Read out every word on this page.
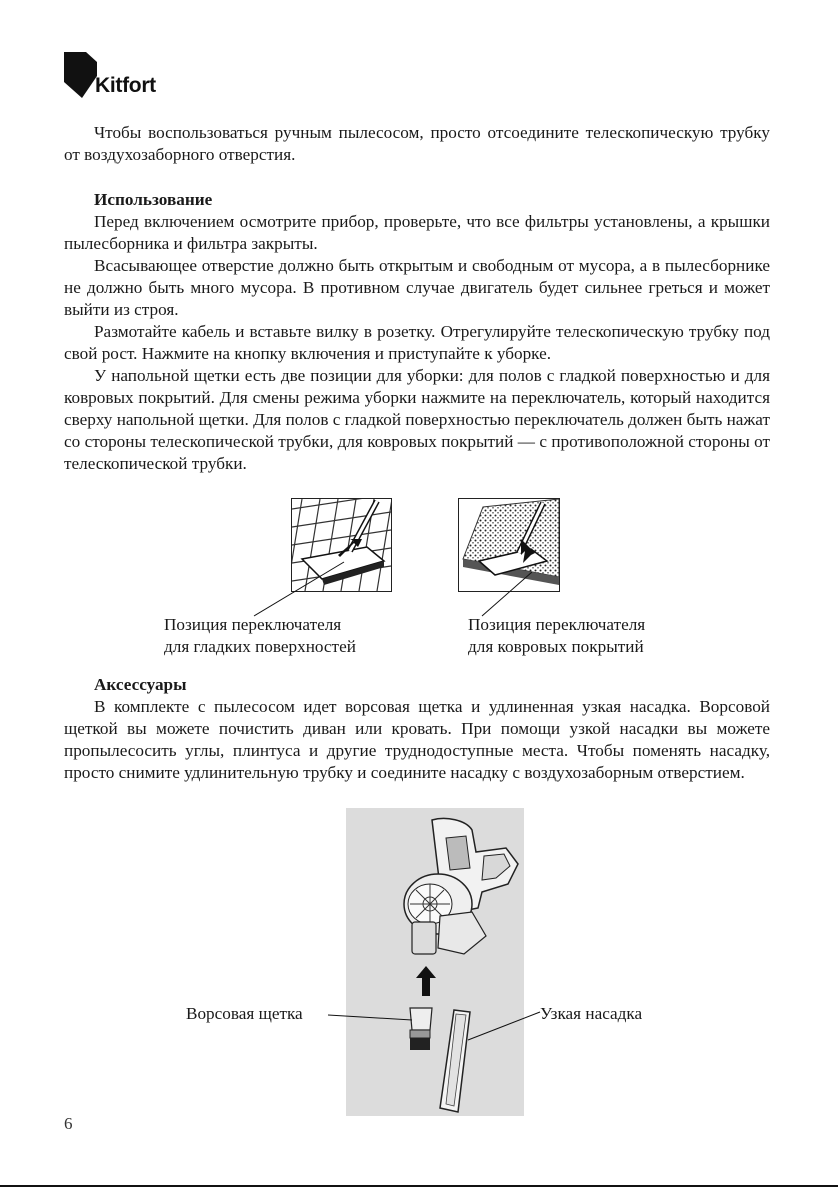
Kitfort

Чтобы воспользоваться ручным пылесосом, просто отсоедините телескопическую трубку от воздухозаборного отверстия.

Использование

Перед включением осмотрите прибор, проверьте, что все фильтры установлены, а крышки пылесборника и фильтра закрыты.

Всасывающее отверстие должно быть открытым и свободным от мусора, а в пылесборнике не должно быть много мусора. В противном случае двигатель будет сильнее греться и может выйти из строя.

Размотайте кабель и вставьте вилку в розетку. Отрегулируйте телескопическую трубку под свой рост. Нажмите на кнопку включения и приступайте к уборке.

У напольной щетки есть две позиции для уборки: для полов с гладкой поверхностью и для ковровых покрытий. Для смены режима уборки нажмите на переключатель, который находится сверху напольной щетки. Для полов с гладкой поверхностью переключатель должен быть нажат со стороны телескопической трубки, для ковровых покрытий — с противоположной стороны от телескопической трубки.

Позиция переключателя
для гладких поверхностей
Позиция переключателя
для ковровых покрытий
Аксессуары

В комплекте с пылесосом идет ворсовая щетка и удлиненная узкая насадка. Ворсовой щеткой вы можете почистить диван или кровать. При помощи узкой насадки вы можете пропылесосить углы, плинтуса и другие труднодоступные места. Чтобы поменять насадку, просто снимите удлинительную трубку и соедините насадку с воздухозаборным отверстием.

Ворсовая щетка	Узкая насадка
6
